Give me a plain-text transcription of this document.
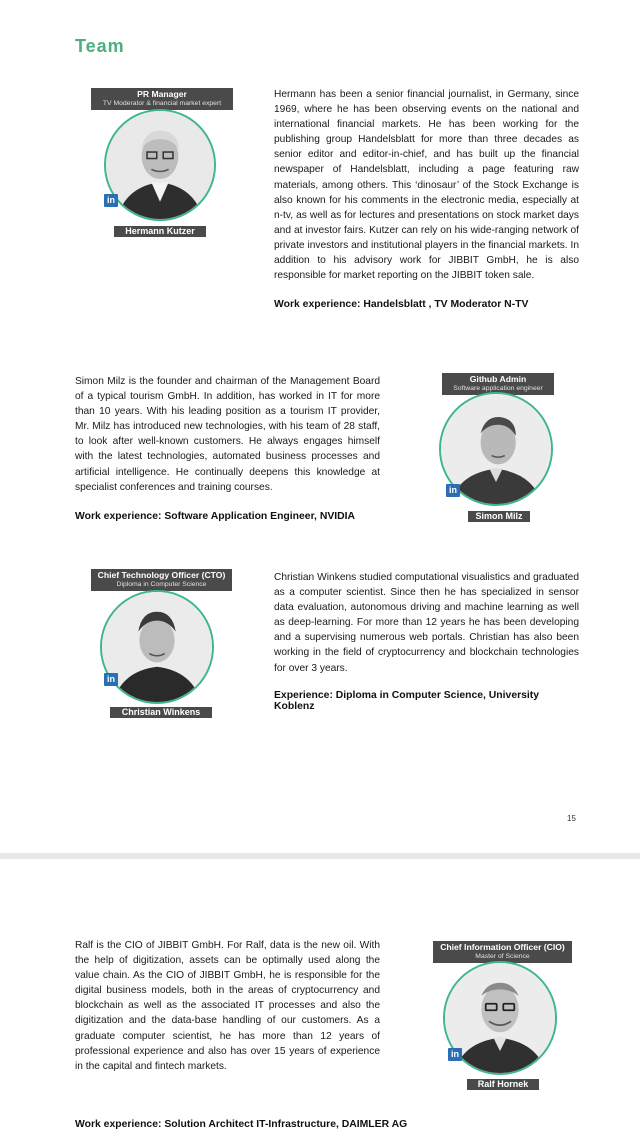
Team
PR Manager
TV Moderator & financial market expert
in
Hermann Kutzer
Hermann has been a senior financial journalist, in Germany, since 1969, where he has been observing events on the national and international financial markets. He has been working for the publishing group Handelsblatt for more than three decades as senior editor and editor-in-chief, and has built up the financial newspaper of Handelsblatt, including a page featuring raw materials, among others. This ‘dinosaur’ of the Stock Exchange is also known for his comments in the electronic media, especially at n-tv, as well as for lectures and presentations on stock market days and at investor fairs. Kutzer can rely on his wide-ranging network of private investors and institutional players in the financial markets. In addition to his advisory work for JIBBIT GmbH, he is also responsible for market reporting on the JIBBIT token sale.
Work experience: Handelsblatt , TV Moderator N-TV
Simon Milz is the founder and chairman of the Management Board of a typical tourism GmbH. In addition, has worked in IT for more than 10 years. With his leading position as a tourism IT provider, Mr. Milz has introduced new technologies, with his team of 28 staff, to look after well-known customers. He always engages himself with the latest technologies, automated business processes and artificial intelligence. He continually deepens this knowledge at specialist conferences and training courses.
Work experience: Software Application Engineer, NVIDIA
Github Admin
Software application engineer
in
Simon Milz
Chief Technology Officer (CTO)
Diploma in Computer Science
in
Christian Winkens
Christian Winkens studied computational visualistics and graduated as a computer scientist. Since then he has specialized in sensor data evaluation, autonomous driving and machine learning as well as deep-learning. For more than 12 years he has been developing and a supervising numerous web portals. Christian has also been working in the field of cryptocurrency and blockchain technologies for over 3 years.
Experience: Diploma in Computer Science, University Koblenz
15
Ralf is the CIO of JIBBIT GmbH. For Ralf, data is the new oil. With the help of digitization, assets can be optimally used along the value chain. As the CIO of JIBBIT GmbH, he is responsible for the digital business models, both in the areas of cryptocurrency and blockchain as well as the associated IT processes and also the digitization and the data-base handling of our customers. As a graduate computer scientist, he has more than 12 years of professional experience and also has over 15 years of experience in the capital and fintech markets.
Chief Information Officer (CIO)
Master of Science
in
Ralf Hornek
Work experience: Solution Architect IT-Infrastructure, DAIMLER AG
